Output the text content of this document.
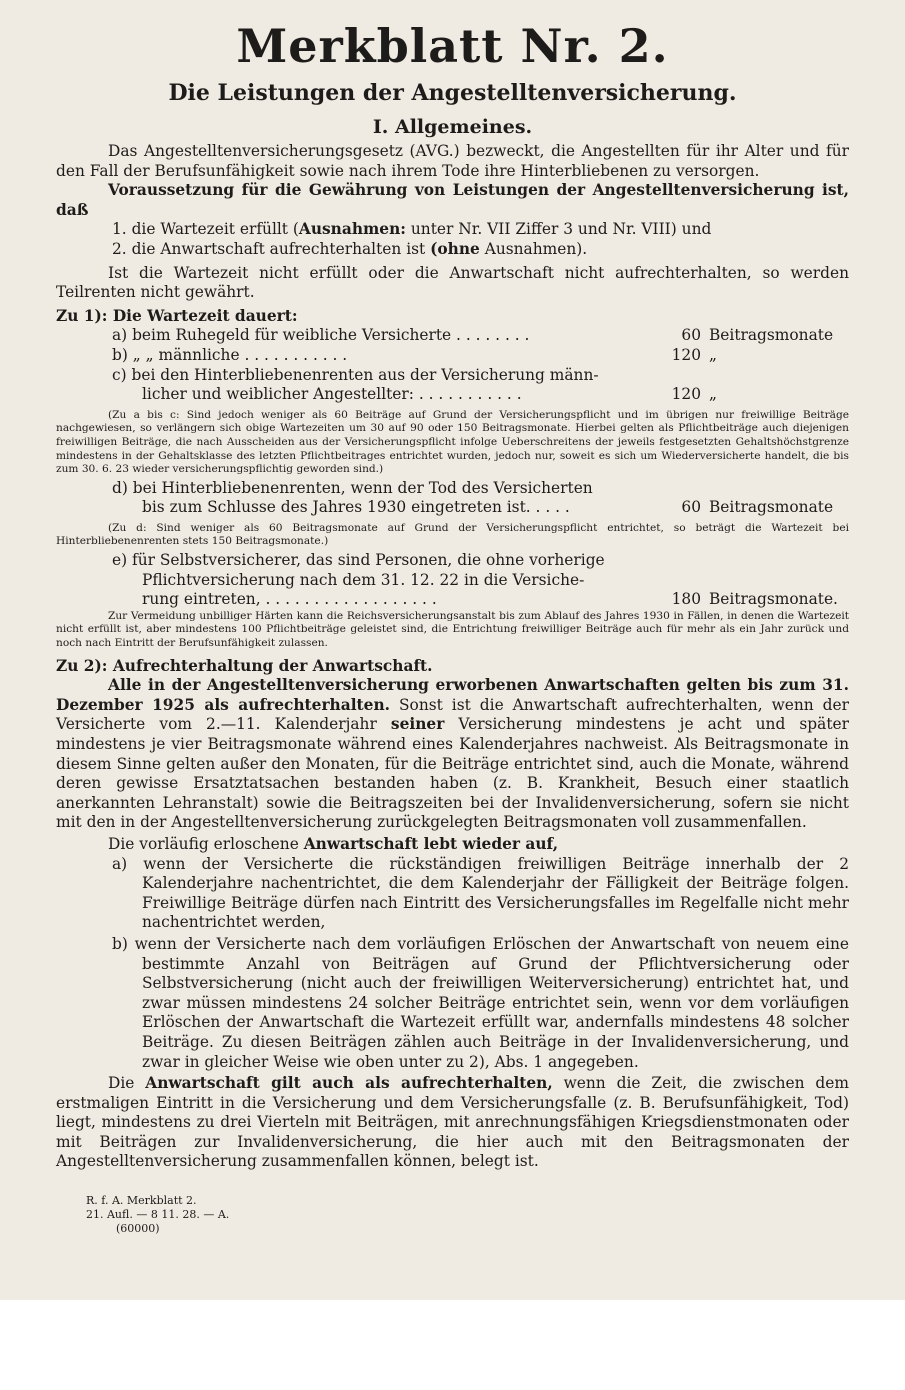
Merkblatt Nr. 2.
Die Leistungen der Angestelltenversicherung.
I. Allgemeines.

Das Angestelltenversicherungsgesetz (AVG.) bezweckt, die Angestellten für ihr Alter und für den Fall der Berufsunfähigkeit sowie nach ihrem Tode ihre Hinterbliebenen zu versorgen.

Voraussetzung für die Gewährung von Leistungen der Angestelltenversicherung ist, daß

1. die Wartezeit erfüllt (Ausnahmen: unter Nr. VII Ziffer 3 und Nr. VIII) und

2. die Anwartschaft aufrechterhalten ist (ohne Ausnahmen).

Ist die Wartezeit nicht erfüllt oder die Anwartschaft nicht aufrechterhalten, so werden Teilrenten nicht gewährt.

Zu 1): Die Wartezeit dauert:

a) beim Ruhegeld für weibliche Versicherte . . . . . . . .	60 Beitragsmonate
b) „ „ männliche . . . . . . . . . . .	120 „
c) bei den Hinterbliebenenrenten aus der Versicherung männ-
licher und weiblicher Angestellter: . . . . . . . . . . .	120 „

(Zu a bis c: Sind jedoch weniger als 60 Beiträge auf Grund der Versicherungspflicht und im übrigen nur freiwillige Beiträge nachgewiesen, so verlängern sich obige Wartezeiten um 30 auf 90 oder 150 Beitragsmonate. Hierbei gelten als Pflichtbeiträge auch diejenigen freiwilligen Beiträge, die nach Ausscheiden aus der Versicherungspflicht infolge Ueberschreitens der jeweils festgesetzten Gehaltshöchstgrenze mindestens in der Gehaltsklasse des letzten Pflichtbeitrages entrichtet wurden, jedoch nur, soweit es sich um Wiederversicherte handelt, die bis zum 30. 6. 23 wieder versicherungspflichtig geworden sind.)

d) bei Hinterbliebenenrenten, wenn der Tod des Versicherten
bis zum Schlusse des Jahres 1930 eingetreten ist. . . . .	60 Beitragsmonate

(Zu d: Sind weniger als 60 Beitragsmonate auf Grund der Versicherungspflicht entrichtet, so beträgt die Wartezeit bei Hinterbliebenenrenten stets 150 Beitragsmonate.)

e) für Selbstversicherer, das sind Personen, die ohne vorherige
Pflichtversicherung nach dem 31. 12. 22 in die Versiche-
rung eintreten, . . . . . . . . . . . . . . . . . .	180 Beitragsmonate.

Zur Vermeidung unbilliger Härten kann die Reichsversicherungsanstalt bis zum Ablauf des Jahres 1930 in Fällen, in denen die Wartezeit nicht erfüllt ist, aber mindestens 100 Pflichtbeiträge geleistet sind, die Entrichtung freiwilliger Beiträge auch für mehr als ein Jahr zurück und noch nach Eintritt der Berufsunfähigkeit zulassen.

Zu 2): Aufrechterhaltung der Anwartschaft.

Alle in der Angestelltenversicherung erworbenen Anwartschaften gelten bis zum 31. Dezember 1925 als aufrechterhalten. Sonst ist die Anwartschaft aufrechterhalten, wenn der Versicherte vom 2.—11. Kalenderjahr seiner Versicherung mindestens je acht und später mindestens je vier Beitragsmonate während eines Kalenderjahres nachweist. Als Beitragsmonate in diesem Sinne gelten außer den Monaten, für die Beiträge entrichtet sind, auch die Monate, während deren gewisse Ersatztatsachen bestanden haben (z. B. Krankheit, Besuch einer staatlich anerkannten Lehranstalt) sowie die Beitragszeiten bei der Invalidenversicherung, sofern sie nicht mit den in der Angestelltenversicherung zurückgelegten Beitragsmonaten voll zusammenfallen.

Die vorläufig erloschene Anwartschaft lebt wieder auf,

a) wenn der Versicherte die rückständigen freiwilligen Beiträge innerhalb der 2 Kalenderjahre nachentrichtet, die dem Kalenderjahr der Fälligkeit der Beiträge folgen. Freiwillige Beiträge dürfen nach Eintritt des Versicherungsfalles im Regelfalle nicht mehr nachentrichtet werden,

b) wenn der Versicherte nach dem vorläufigen Erlöschen der Anwartschaft von neuem eine bestimmte Anzahl von Beiträgen auf Grund der Pflichtversicherung oder Selbstversicherung (nicht auch der freiwilligen Weiterversicherung) entrichtet hat, und zwar müssen mindestens 24 solcher Beiträge entrichtet sein, wenn vor dem vorläufigen Erlöschen der Anwartschaft die Wartezeit erfüllt war, andernfalls mindestens 48 solcher Beiträge. Zu diesen Beiträgen zählen auch Beiträge in der Invalidenversicherung, und zwar in gleicher Weise wie oben unter zu 2), Abs. 1 angegeben.

Die Anwartschaft gilt auch als aufrechterhalten, wenn die Zeit, die zwischen dem erstmaligen Eintritt in die Versicherung und dem Versicherungsfalle (z. B. Berufsunfähigkeit, Tod) liegt, mindestens zu drei Vierteln mit Beiträgen, mit anrechnungsfähigen Kriegsdienstmonaten oder mit Beiträgen zur Invalidenversicherung, die hier auch mit den Beitragsmonaten der Angestelltenversicherung zusammenfallen können, belegt ist.

R. f. A. Merkblatt 2.
21. Aufl. — 8 11. 28. — A.
(60000)
